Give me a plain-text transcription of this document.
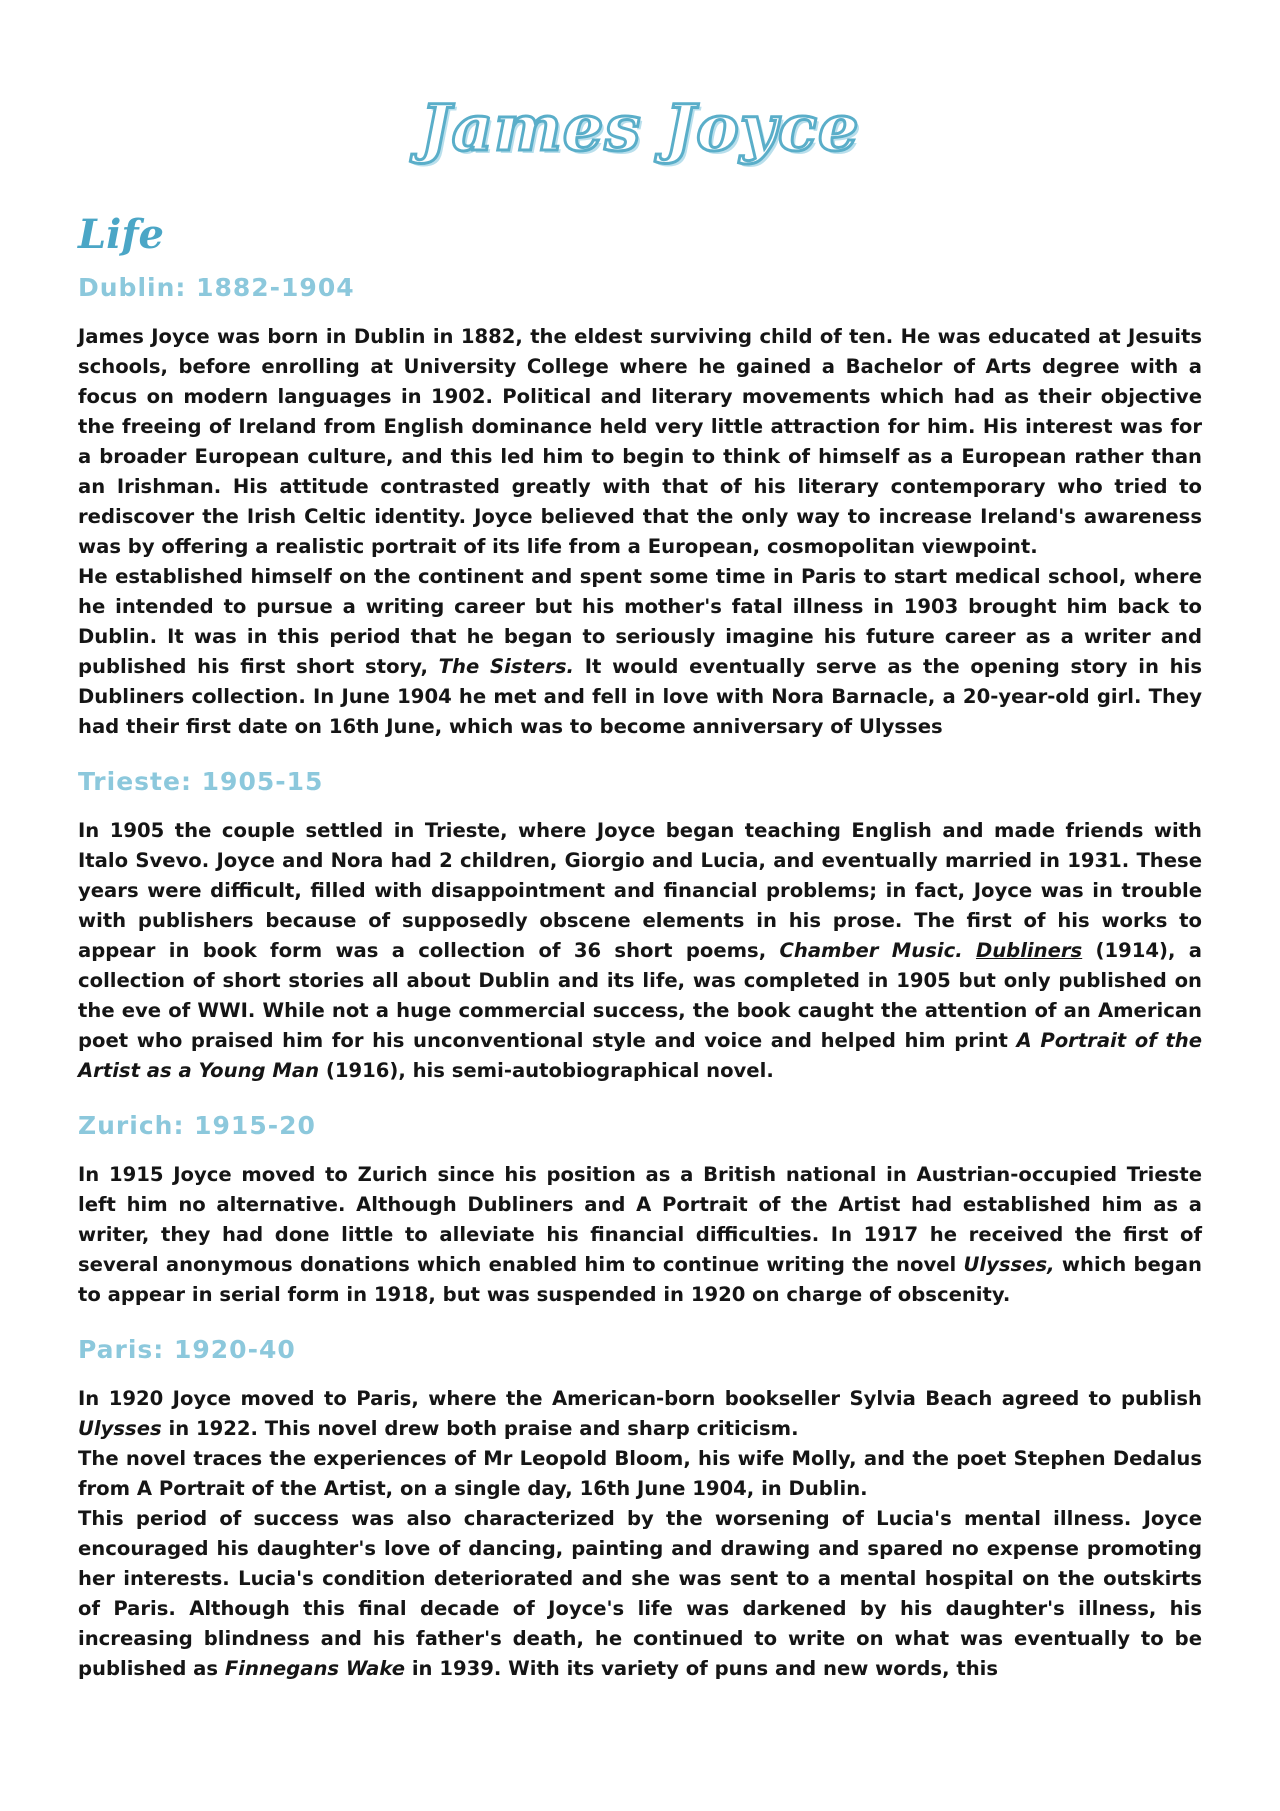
James Joyce
Life
Dublin: 1882-1904

James Joyce was born in Dublin in 1882, the eldest surviving child of ten. He was educated at Jesuits schools, before enrolling at University College where he gained a Bachelor of Arts degree with a focus on modern languages in 1902. Political and literary movements which had as their objective the freeing of Ireland from English dominance held very little attraction for him. His interest was for a broader European culture, and this led him to begin to think of himself as a European rather than an Irishman. His attitude contrasted greatly with that of his literary contemporary who tried to rediscover the Irish Celtic identity. Joyce believed that the only way to increase Ireland's awareness was by offering a realistic portrait of its life from a European, cosmopolitan viewpoint.

He established himself on the continent and spent some time in Paris to start medical school, where he intended to pursue a writing career but his mother's fatal illness in 1903 brought him back to Dublin. It was in this period that he began to seriously imagine his future career as a writer and published his first short story, The Sisters. It would eventually serve as the opening story in his Dubliners collection. In June 1904 he met and fell in love with Nora Barnacle, a 20-year-old girl. They had their first date on 16th June, which was to become anniversary of Ulysses

Trieste: 1905-15

In 1905 the couple settled in Trieste, where Joyce began teaching English and made friends with Italo Svevo. Joyce and Nora had 2 children, Giorgio and Lucia, and eventually married in 1931. These years were difficult, filled with disappointment and financial problems; in fact, Joyce was in trouble with publishers because of supposedly obscene elements in his prose. The first of his works to appear in book form was a collection of 36 short poems, Chamber Music. Dubliners (1914), a collection of short stories all about Dublin and its life, was completed in 1905 but only published on the eve of WWI. While not a huge commercial success, the book caught the attention of an American poet who praised him for his unconventional style and voice and helped him print A Portrait of the Artist as a Young Man (1916), his semi-autobiographical novel.

Zurich: 1915-20

In 1915 Joyce moved to Zurich since his position as a British national in Austrian-occupied Trieste left him no alternative. Although Dubliners and A Portrait of the Artist had established him as a writer, they had done little to alleviate his financial difficulties. In 1917 he received the first of several anonymous donations which enabled him to continue writing the novel Ulysses, which began to appear in serial form in 1918, but was suspended in 1920 on charge of obscenity.

Paris: 1920-40

In 1920 Joyce moved to Paris, where the American-born bookseller Sylvia Beach agreed to publish Ulysses in 1922. This novel drew both praise and sharp criticism.

The novel traces the experiences of Mr Leopold Bloom, his wife Molly, and the poet Stephen Dedalus from A Portrait of the Artist, on a single day, 16th June 1904, in Dublin.

This period of success was also characterized by the worsening of Lucia's mental illness. Joyce encouraged his daughter's love of dancing, painting and drawing and spared no expense promoting her interests. Lucia's condition deteriorated and she was sent to a mental hospital on the outskirts of Paris. Although this final decade of Joyce's life was darkened by his daughter's illness, his increasing blindness and his father's death, he continued to write on what was eventually to be published as Finnegans Wake in 1939. With its variety of puns and new words, this
